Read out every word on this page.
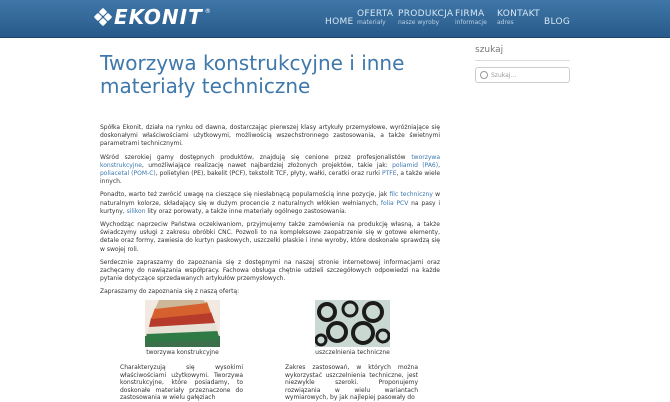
EKONIT ®
HOME
OFERTA
materiały
PRODUKCJA
nasze wyroby
FIRMA
informacje
KONTAKT
adres	BLOG
Tworzywa konstrukcyjne i inne materiały techniczne

Spółka Ekonit, działa na rynku od dawna, dostarczając pierwszej klasy artykuły przemysłowe, wyróżniające się doskonałymi właściwościami użytkowymi, możliwością wszechstronnego zastosowania, a także świetnymi parametrami technicznymi.

Wśród szerokiej gamy dostępnych produktów, znajdują się cenione przez profesjonalistów tworzywa konstrukcyjne, umożliwiające realizację nawet najbardziej złożonych projektów, takie jak: poliamid (PA6), poliacetal (POM-C), polietylen (PE), bakelit (PCF), tekstolit TCF, płyty, wałki, ceratki oraz rurki PTFE, a także wiele innych.

Ponadto, warto też zwrócić uwagę na cieszące się niesłabnącą popularnością inne pozycje, jak filc techniczny w naturalnym kolorze, składający się w dużym procencie z naturalnych włókien wełnianych, folia PCV na pasy i kurtyny, silikon lity oraz porowaty, a także inne materiały ogólnego zastosowania.

Wychodząc naprzeciw Państwa oczekiwaniom, przyjmujemy także zamówienia na produkcję własną, a także świadczymy usługi z zakresu obróbki CNC. Pozwoli to na kompleksowe zaopatrzenie się w gotowe elementy, detale oraz formy, zawiesia do kurtyn paskowych, uszczelki płaskie i inne wyroby, które doskonale sprawdzą się w swojej roli.

Serdecznie zapraszamy do zapoznania się z dostępnymi na naszej stronie internetowej informacjami oraz zachęcamy do nawiązania współpracy. Fachowa obsługa chętnie udzieli szczegółowych odpowiedzi na każde pytanie dotyczące sprzedawanych artykułów przemysłowych.

Zapraszamy do zapoznania się z naszą ofertą:

tworzywa konstrukcyjne
Charakteryzują się wysokimi właściwościami użytkowymi. Tworzywa konstrukcyjne, które posiadamy, to doskonałe materiały przeznaczone do zastosowania w wielu gałęziach
uszczelnienia techniczne
Zakres zastosowań, w których można wykorzystać uszczelnienia techniczne, jest niezwykle szeroki. Proponujemy rozwiązania w wielu wariantach wymiarowych, by jak najlepiej pasowały do
szukaj
Szukaj...
